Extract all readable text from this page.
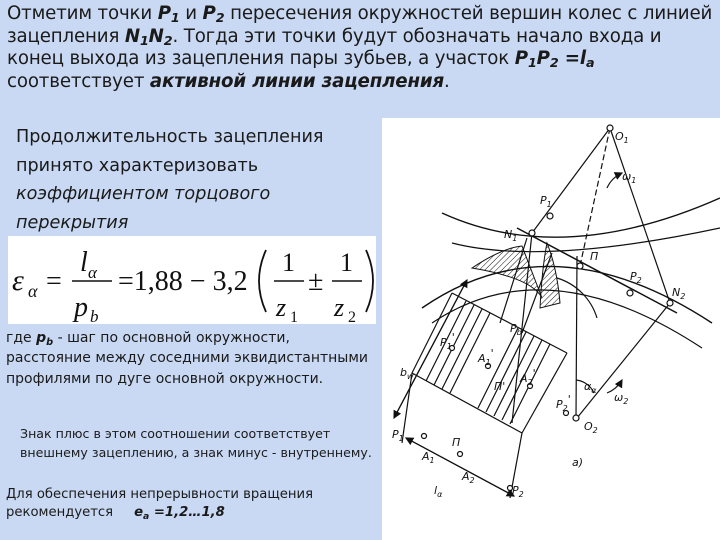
Отметим точки $P_1$ и $P_2$ пересечения окружностей вершин колес с линией зацепления $N_1N_2$. Тогда эти точки будут обозначать начало входа и конец выхода из зацепления пары зубьев, а участок $P_1P_2 =l_a$ соответствует активной линии зацепления.

Продолжительность зацепления принято характеризовать коэффициентом торцового перекрытия
ε α =
l α
p b
=1,88 − 3,2
1
z 1
±
1
z 2
где $p_b$ - шаг по основной окружности, расстояние между соседними эквидистантными профилями по дуге основной окружности.
Знак плюс в этом соотношении соответствует внешнему зацеплению, а знак минус - внутреннему.
Для обеспечения непрерывности вращения рекомендуется $e_a$ =1,2…1,8
$O_1$
$\omega_1$
$P_1$
$N_1$
П
$P_2$
$N_2$
$P_b$
$b_w$
$P_1'$
$A_1'$
П'
$A_2'$
$\alpha_\alpha$
$\omega_2$
$P_2'$
$O_2$
$P_1$	П
$A_1$
$A_2$
$P_2$
$l_\alpha$
a)
